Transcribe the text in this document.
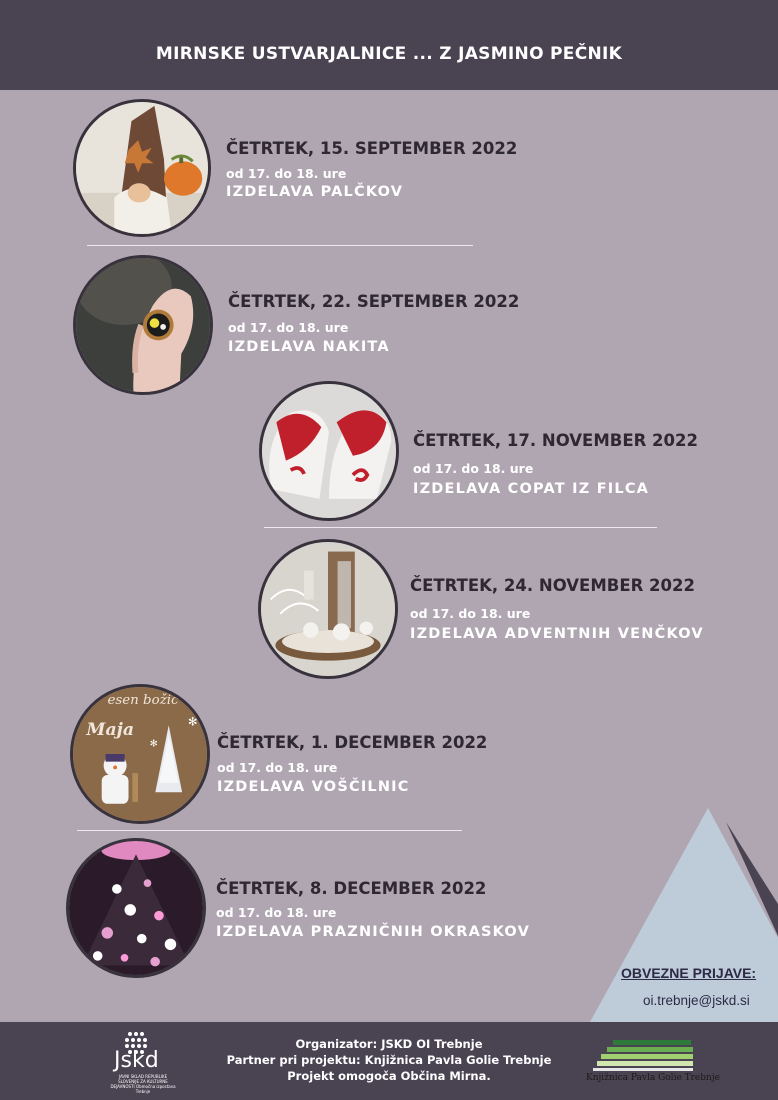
MIRNSKE USTVARJALNICE ... Z JASMINO PEČNIK
ČETRTEK, 15. SEPTEMBER 2022
od 17. do 18. ure
IZDELAVA PALČKOV
ČETRTEK, 22. SEPTEMBER 2022
od 17. do 18. ure
IZDELAVA NAKITA
ČETRTEK, 17. NOVEMBER 2022
od 17. do 18. ure
IZDELAVA COPAT IZ FILCA
ČETRTEK, 24. NOVEMBER 2022
od 17. do 18. ure
IZDELAVA ADVENTNIH VENČKOV
esen božič
Maja	✻
✻	ČETRTEK, 1. DECEMBER 2022
od 17. do 18. ure
IZDELAVA VOŠČILNIC
ČETRTEK, 8. DECEMBER 2022
od 17. do 18. ure
IZDELAVA PRAZNIČNIH OKRASKOV
OBVEZNE PRIJAVE:
oi.trebnje@jskd.si
Jskd
JAVNI SKLAD REPUBLIKE SLOVENIJE ZA KULTURNE DEJAVNOSTI Območna izpostava Trebnje
Organizator: JSKD OI Trebnje
Partner pri projektu: Knjižnica Pavla Golie Trebnje
Projekt omogoča Občina Mirna.	Knjižnica Pavla Golie Trebnje
